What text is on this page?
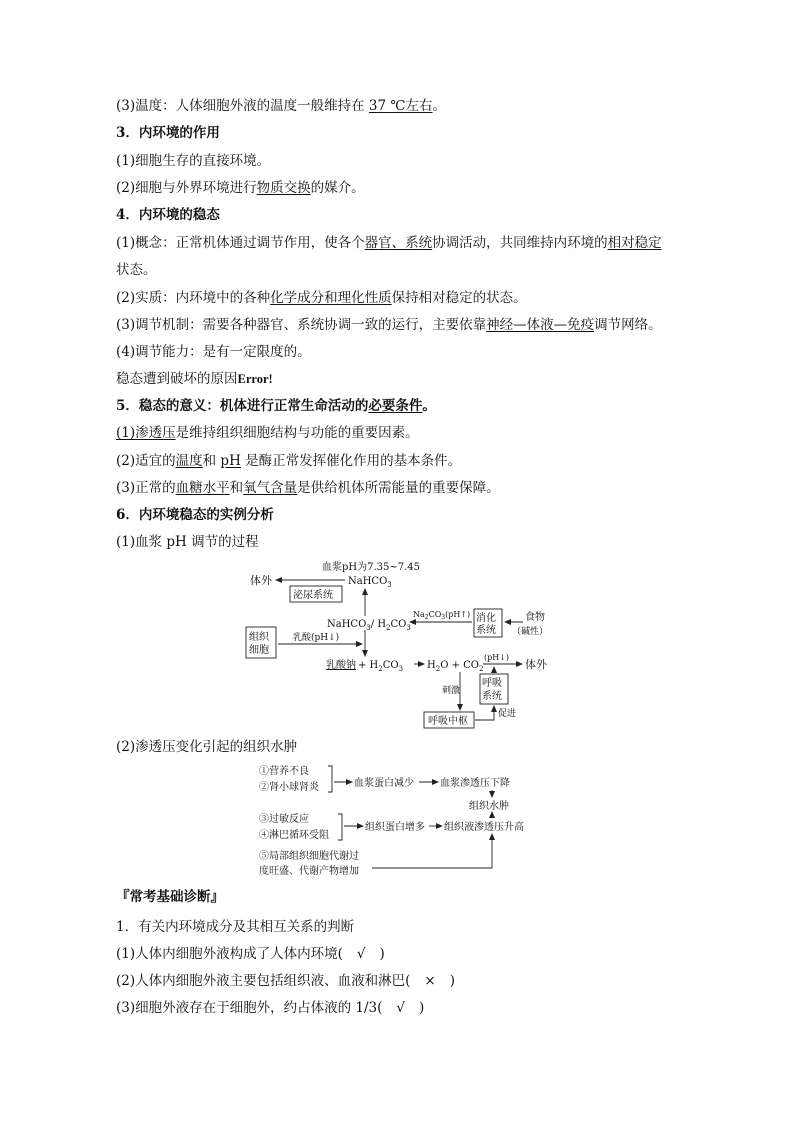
(3)温度：人体细胞外液的温度一般维持在 37 ℃左右。
3．内环境的作用
(1)细胞生存的直接环境。
(2)细胞与外界环境进行物质交换的媒介。
4．内环境的稳态
(1)概念：正常机体通过调节作用，使各个器官、系统协调活动，共同维持内环境的相对稳定
状态。
(2)实质：内环境中的各种化学成分和理化性质保持相对稳定的状态。
(3)调节机制：需要各种器官、系统协调一致的运行，主要依靠神经—体液—免疫调节网络。
(4)调节能力：是有一定限度的。
稳态遭到破坏的原因Error!
5．稳态的意义：机体进行正常生命活动的必要条件。
(1)渗透压是维持组织细胞结构与功能的重要因素。
(2)适宜的温度和 pH 是酶正常发挥催化作用的基本条件。
(3)正常的血糖水平和氧气含量是供给机体所需能量的重要保障。
6．内环境稳态的实例分析
(1)血浆 pH 调节的过程
血浆pH为7.35~7.45
NaHCO$_3$
体外
泌尿系统
NaHCO$_3$/ $H_2CO_3$
$Na_2CO_3(pH↑)$ 消化
系统
食物
（碱性）
组织
细胞
乳酸(pH↓)
乳酸钠 + $H_2CO_3$ $H_2O + CO_2$
(pH↓)
体外
刺激
呼吸
系统
呼吸中枢
促进
(2)渗透压变化引起的组织水肿
①营养不良
②肾小球肾炎	血浆蛋白减少	血浆渗透压下降
组织水肿
③过敏反应
④淋巴循环受阻
组织蛋白增多 组织液渗透压升高
⑤局部组织细胞代谢过
度旺盛、代谢产物增加
『常考基础诊断』
1．有关内环境成分及其相互关系的判断
(1)人体内细胞外液构成了人体内环境( √ )
(2)人体内细胞外液主要包括组织液、血液和淋巴( × )
(3)细胞外液存在于细胞外，约占体液的 1/3( √ )
